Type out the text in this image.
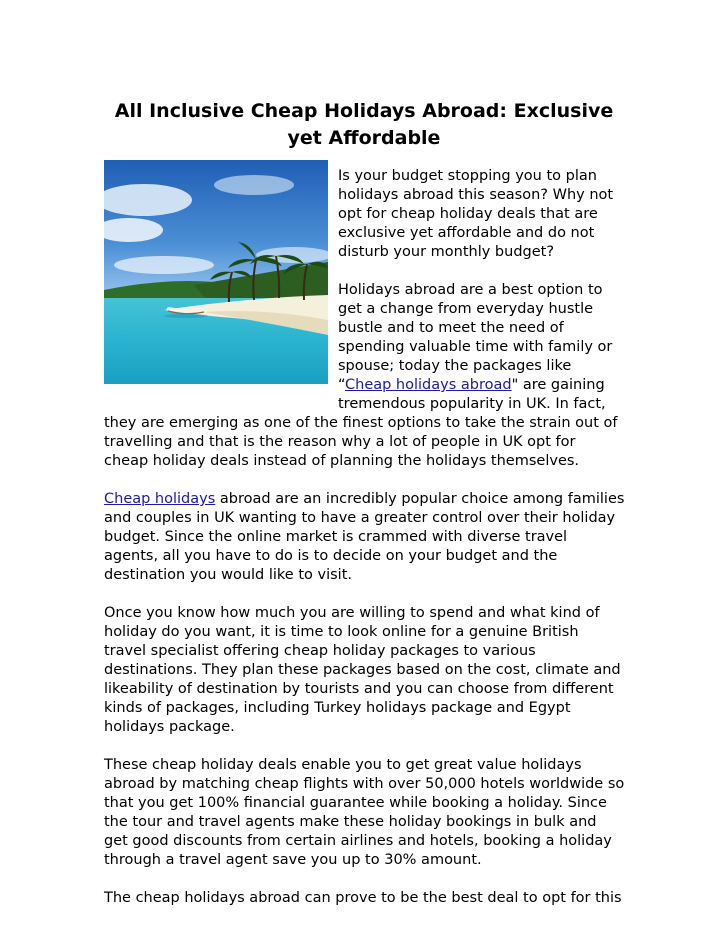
All Inclusive Cheap Holidays Abroad: Exclusive
yet Affordable
Is your budget stopping you to plan
holidays abroad this season? Why not
opt for cheap holiday deals that are
exclusive yet affordable and do not
disturb your monthly budget?
Holidays abroad are a best option to
get a change from everyday hustle
bustle and to meet the need of
spending valuable time with family or
spouse; today the packages like
“Cheap holidays abroad" are gaining
tremendous popularity in UK. In fact,
they are emerging as one of the finest options to take the strain out of
travelling and that is the reason why a lot of people in UK opt for
cheap holiday deals instead of planning the holidays themselves.
Cheap holidays abroad are an incredibly popular choice among families
and couples in UK wanting to have a greater control over their holiday
budget. Since the online market is crammed with diverse travel
agents, all you have to do is to decide on your budget and the
destination you would like to visit.
Once you know how much you are willing to spend and what kind of
holiday do you want, it is time to look online for a genuine British
travel specialist offering cheap holiday packages to various
destinations. They plan these packages based on the cost, climate and
likeability of destination by tourists and you can choose from different
kinds of packages, including Turkey holidays package and Egypt
holidays package.
These cheap holiday deals enable you to get great value holidays
abroad by matching cheap flights with over 50,000 hotels worldwide so
that you get 100% financial guarantee while booking a holiday. Since
the tour and travel agents make these holiday bookings in bulk and
get good discounts from certain airlines and hotels, booking a holiday
through a travel agent save you up to 30% amount.
The cheap holidays abroad can prove to be the best deal to opt for this
